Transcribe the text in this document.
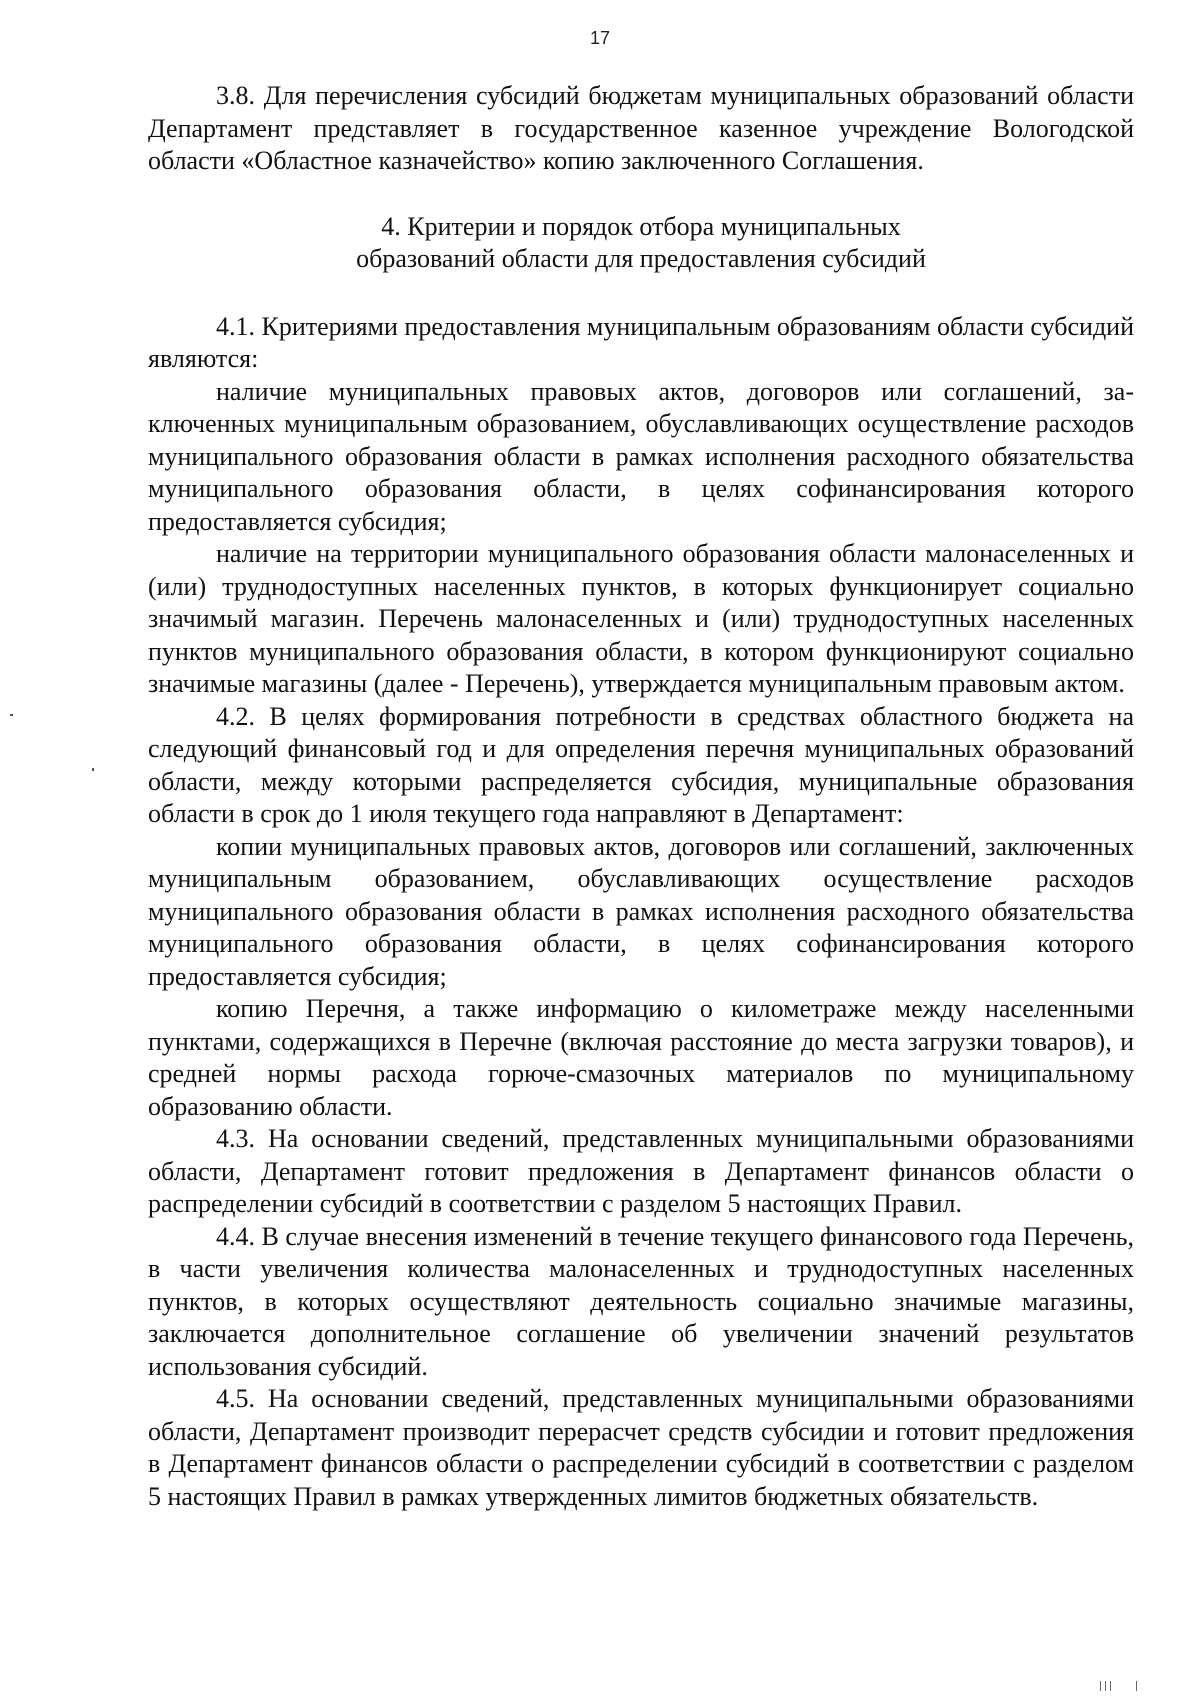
17

3.8. Для перечисления субсидий бюджетам муниципальных образований области Департамент представляет в государственное казенное учреждение Вологодской области «Областное казначейство» копию заключенного Соглашения.

4. Критерии и порядок отбора муниципальных
образований области для предоставления субсидий

4.1. Критериями предоставления муниципальным образованиям области субсидий являются:

наличие муниципальных правовых актов, договоров или соглашений, заключенных муниципальным образованием, обуславливающих осуществление расходов муниципального образования области в рамках исполнения расходного обязательства муниципального образования области, в целях софинансирования которого предоставляется субсидия;

наличие на территории муниципального образования области малонаселенных и (или) труднодоступных населенных пунктов, в которых функционирует социально значимый магазин. Перечень малонаселенных и (или) труднодоступных населенных пунктов муниципального образования области, в котором функционируют социально значимые магазины (далее - Перечень), утверждается муниципальным правовым актом.

4.2. В целях формирования потребности в средствах областного бюджета на следующий финансовый год и для определения перечня муниципальных образований области, между которыми распределяется субсидия, муниципальные образования области в срок до 1 июля текущего года направляют в Департамент:

копии муниципальных правовых актов, договоров или соглашений, заключенных муниципальным образованием, обуславливающих осуществление расходов муниципального образования области в рамках исполнения расходного обязательства муниципального образования области, в целях софинансирования которого предоставляется субсидия;

копию Перечня, а также информацию о километраже между населенными пунктами, содержащихся в Перечне (включая расстояние до места загрузки товаров), и средней нормы расхода горюче-смазочных материалов по муниципальному образованию области.

4.3. На основании сведений, представленных муниципальными образованиями области, Департамент готовит предложения в Департамент финансов области о распределении субсидий в соответствии с разделом 5 настоящих Правил.

4.4. В случае внесения изменений в течение текущего финансового года Перечень, в части увеличения количества малонаселенных и труднодоступных населенных пунктов, в которых осуществляют деятельность социально значимые магазины, заключается дополнительное соглашение об увеличении значений результатов использования субсидий.

4.5. На основании сведений, представленных муниципальными образованиями области, Департамент производит перерасчет средств субсидии и готовит предложения в Департамент финансов области о распределении субсидий в соответствии с разделом 5 настоящих Правил в рамках утвержденных лимитов бюджетных обязательств.
